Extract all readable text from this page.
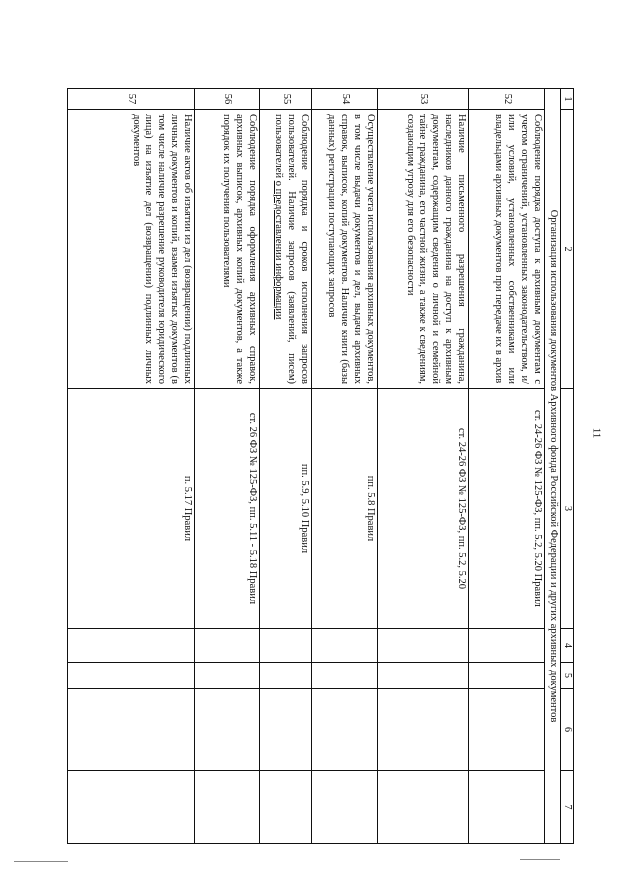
11
1	2	3	4	5	6	7
Организация использования документов Архивного фонда Российской Федерации и других архивных документов						
52	Соблюдение порядка доступа к архивным документам с учетом ограничений, установленных законодательством, и/или условий, установленных собственниками или владельцами архивных документов при передаче их в архив	ст. 24-26 ФЗ № 125-ФЗ, пп. 5.2, 5.20 Правил				
53	Наличие письменного разрешения гражданина, наследников данного гражданина на доступ к архивным документам, содержащим сведения о личной и семейной тайне гражданина, его частной жизни, а также к сведениям, создающим угрозу для его безопасности	ст. 24-26 ФЗ № 125-ФЗ, пп. 5.2, 5.20				
54	Осуществление учета использования архивных документов, в том числе выдачи документов и дел, выдачи архивных справок, выписок, копий документов. Наличие книги (базы данных) регистрации поступающих запросов	пп. 5.8 Правил				
55	Соблюдение порядка и сроков исполнения запросов пользователей. Наличие запросов (заявлений, писем) пользователей о предоставлении информации	пп. 5.9, 5.10 Правил				
56	Соблюдение порядка оформления архивных справок, архивных выписок, архивных копий документов, а также порядок их получения пользователями	ст. 26 ФЗ № 125-ФЗ, пп. 5.11 - 5.18 Правил				
57	Наличие актов об изъятии из дел (возвращении) подлинных личных документов и копий, взамен изъятых документов (в том числе наличие разрешение руководителя юридического лица) на изъятие дел (возвращении) подлинных личных документов	п. 5.17 Правил				
